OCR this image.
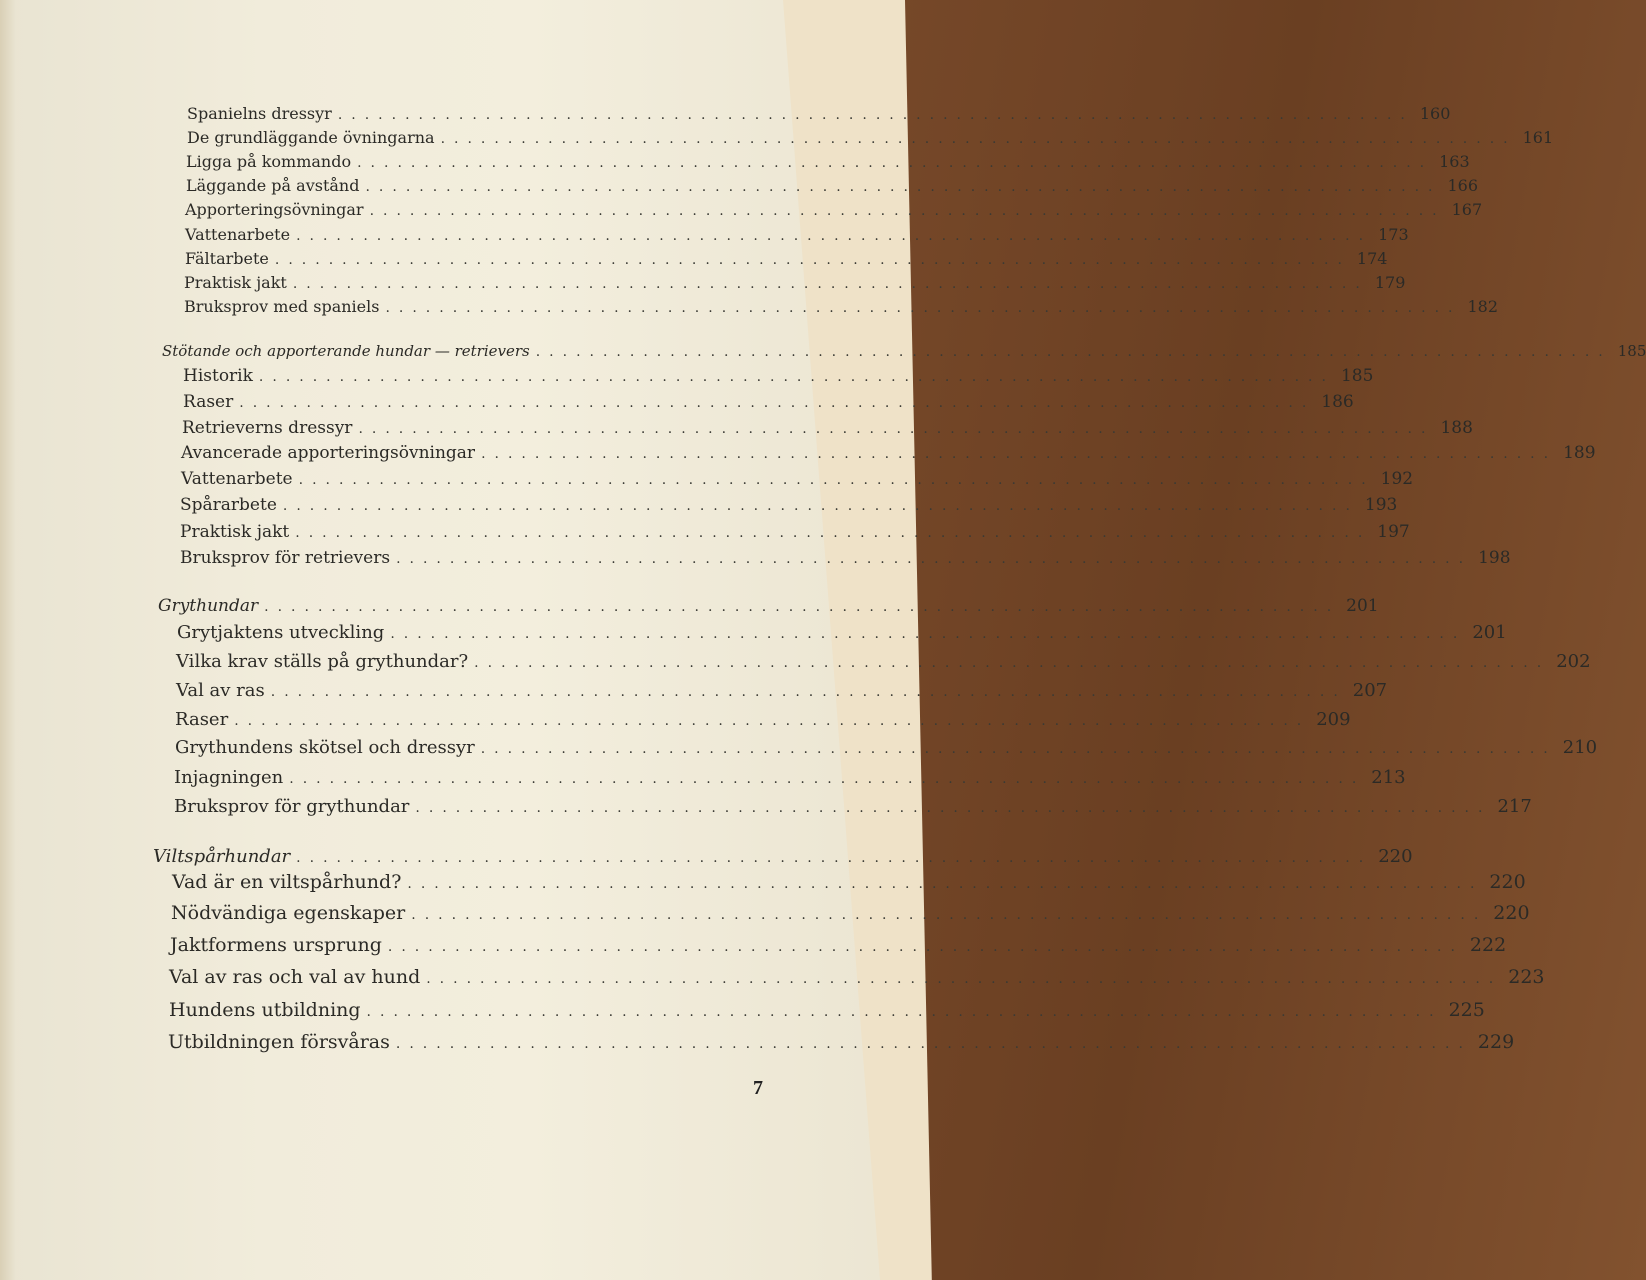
Spanielns dressyr ................................................................................ 160
De grundläggande övningarna ................................................................................ 161
Ligga på kommando ................................................................................ 163
Läggande på avstånd ................................................................................ 166
Apporteringsövningar ................................................................................ 167
Vattenarbete ................................................................................ 173
Fältarbete ................................................................................ 174
Praktisk jakt ................................................................................ 179
Bruksprov med spaniels ................................................................................ 182
Stötande och apporterande hundar — retrievers ................................................................................ 185
Historik ................................................................................ 185
Raser ................................................................................ 186
Retrieverns dressyr ................................................................................ 188
Avancerade apporteringsövningar ................................................................................ 189
Vattenarbete ................................................................................ 192
Spårarbete ................................................................................ 193
Praktisk jakt ................................................................................ 197
Bruksprov för retrievers ................................................................................ 198
Grythundar ................................................................................ 201
Grytjaktens utveckling ................................................................................ 201
Vilka krav ställs på grythundar? ................................................................................ 202
Val av ras ................................................................................ 207
Raser ................................................................................ 209
Grythundens skötsel och dressyr ................................................................................ 210
Injagningen ................................................................................ 213
Bruksprov för grythundar ................................................................................ 217
Viltspårhundar ................................................................................ 220
Vad är en viltspårhund? ................................................................................ 220
Nödvändiga egenskaper ................................................................................ 220
Jaktformens ursprung ................................................................................ 222
Val av ras och val av hund ................................................................................ 223
Hundens utbildning ................................................................................ 225
Utbildningen försvåras ................................................................................ 229
7
